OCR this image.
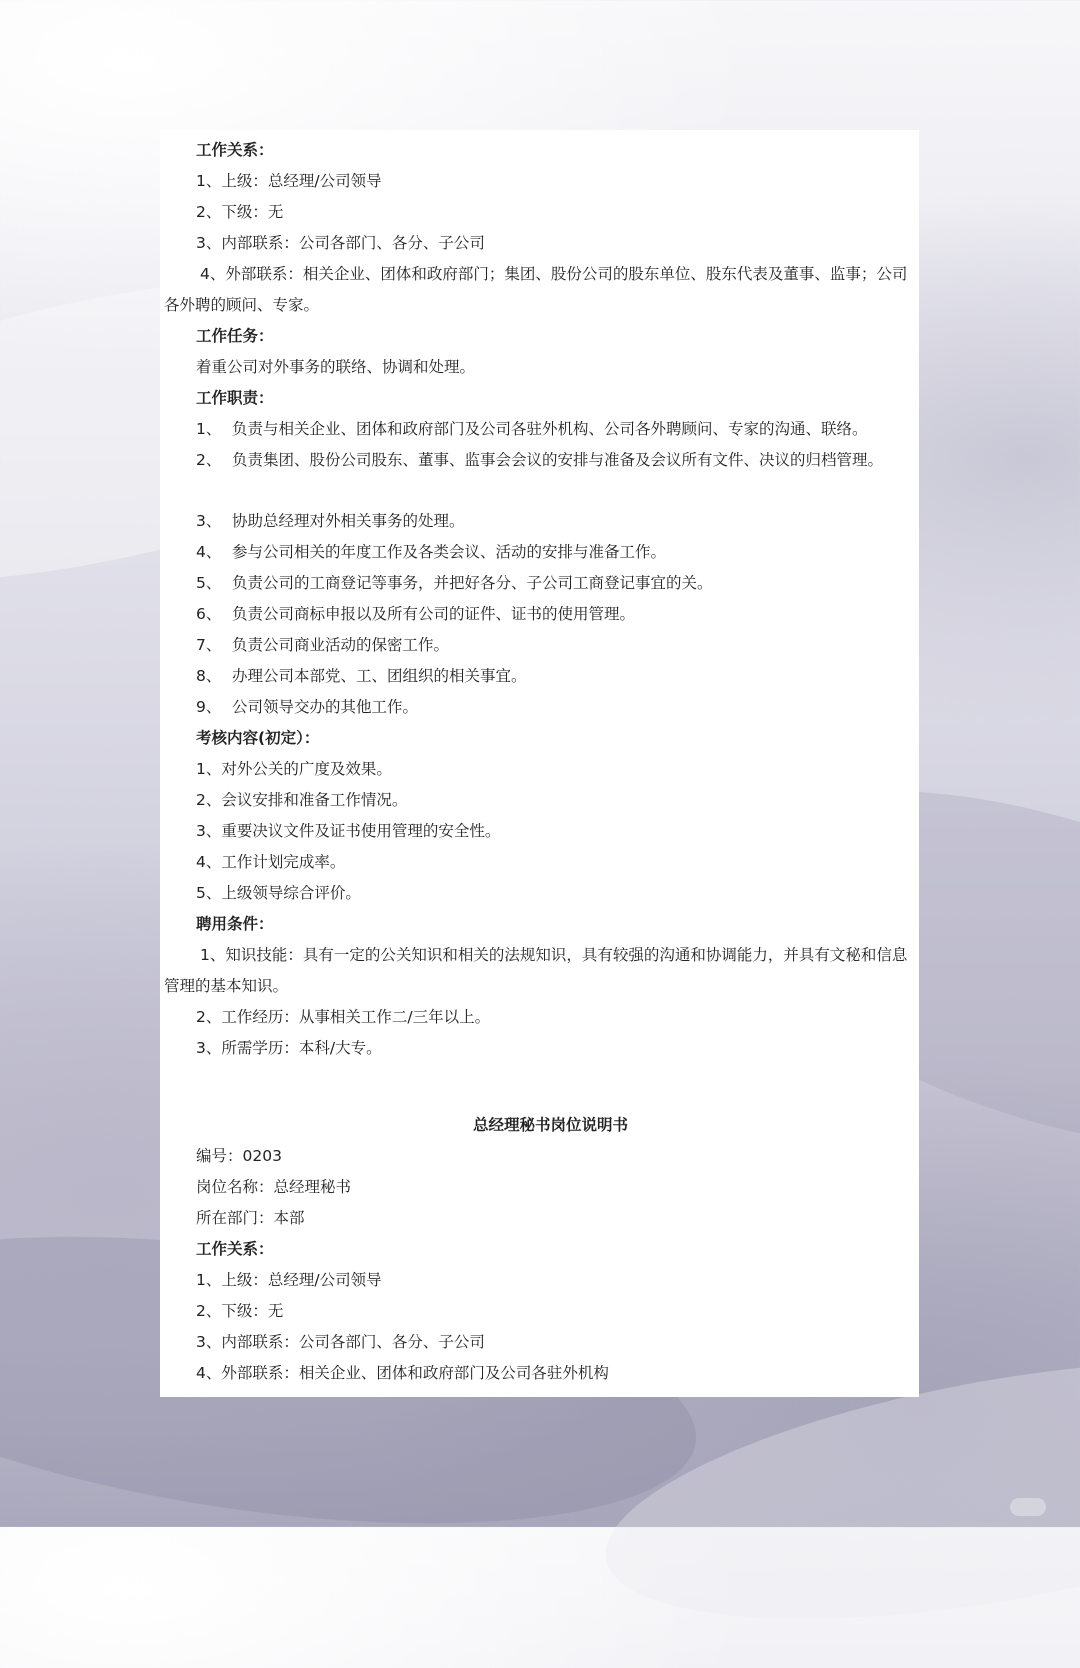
工作关系：
1、上级：总经理/公司领导
2、下级：无
3、内部联系：公司各部门、各分、子公司
4、外部联系：相关企业、团体和政府部门；集团、股份公司的股东单位、股东代表及董事、监事；公司各外聘的顾问、专家。
工作任务：
着重公司对外事务的联络、协调和处理。
工作职责：
1、 负责与相关企业、团体和政府部门及公司各驻外机构、公司各外聘顾问、专家的沟通、联络。
2、 负责集团、股份公司股东、董事、监事会会议的安排与准备及会议所有文件、决议的归档管理。
3、 协助总经理对外相关事务的处理。
4、 参与公司相关的年度工作及各类会议、活动的安排与准备工作。
5、 负责公司的工商登记等事务，并把好各分、子公司工商登记事宜的关。
6、 负责公司商标申报以及所有公司的证件、证书的使用管理。
7、 负责公司商业活动的保密工作。
8、 办理公司本部党、工、团组织的相关事宜。
9、 公司领导交办的其他工作。
考核内容(初定）：
1、对外公关的广度及效果。
2、会议安排和准备工作情况。
3、重要决议文件及证书使用管理的安全性。
4、工作计划完成率。
5、上级领导综合评价。
聘用条件：
1、知识技能：具有一定的公关知识和相关的法规知识，具有较强的沟通和协调能力，并具有文秘和信息管理的基本知识。
2、工作经历：从事相关工作二/三年以上。
3、所需学历：本科/大专。
总经理秘书岗位说明书
编号：0203
岗位名称：总经理秘书
所在部门：本部
工作关系：
1、上级：总经理/公司领导
2、下级：无
3、内部联系：公司各部门、各分、子公司
4、外部联系：相关企业、团体和政府部门及公司各驻外机构
